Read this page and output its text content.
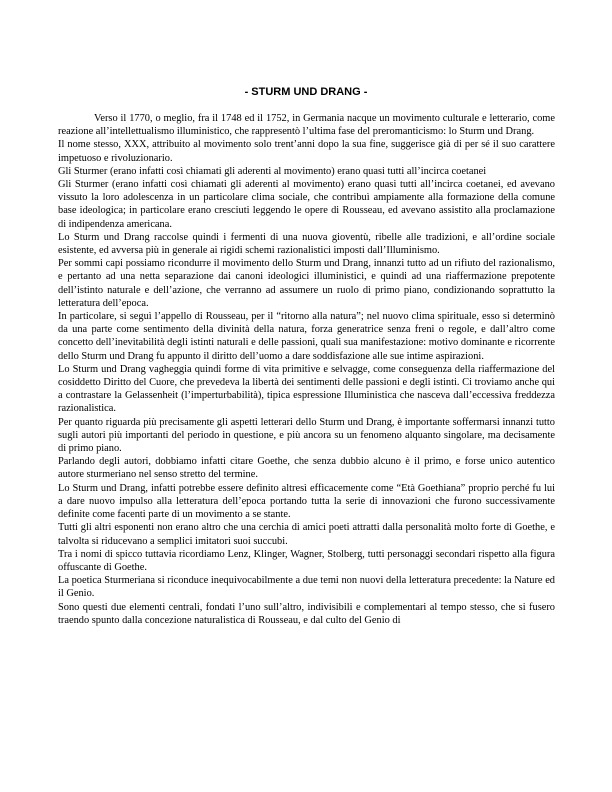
- STURM UND DRANG -

Verso il 1770, o meglio, fra il 1748 ed il 1752, in Germania nacque un movimento culturale e letterario, come reazione all’intellettualismo illuministico, che rappresentò l’ultima fase del preromanticismo: lo Sturm und Drang.

Il nome stesso, XXX, attribuito al movimento solo trent’anni dopo la sua fine, suggerisce già di per sé il suo carattere impetuoso e rivoluzionario.

Gli Sturmer (erano infatti così chiamati gli aderenti al movimento) erano quasi tutti all’incirca coetanei

Gli Sturmer (erano infatti così chiamati gli aderenti al movimento) erano quasi tutti all’incirca coetanei, ed avevano vissuto la loro adolescenza in un particolare clima sociale, che contribuì ampiamente alla formazione della comune base ideologica; in particolare erano cresciuti leggendo le opere di Rousseau, ed avevano assistito alla proclamazione di indipendenza americana.

Lo Sturm und Drang raccolse quindi i fermenti di una nuova gioventù, ribelle alle tradizioni, e all’ordine sociale esistente, ed avversa più in generale ai rigidi schemi razionalistici imposti dall’Illuminismo.

Per sommi capi possiamo ricondurre il movimento dello Sturm und Drang, innanzi tutto ad un rifiuto del razionalismo, e pertanto ad una netta separazione dai canoni ideologici illuministici, e quindi ad una riaffermazione prepotente dell’istinto naturale e dell’azione, che verranno ad assumere un ruolo di primo piano, condizionando soprattutto la letteratura dell’epoca.

In particolare, si seguì l’appello di Rousseau, per il “ritorno alla natura”; nel nuovo clima spirituale, esso si determinò da una parte come sentimento della divinità della natura, forza generatrice senza freni o regole, e dall’altro come concetto dell’inevitabilità degli istinti naturali e delle passioni, quali sua manifestazione: motivo dominante e ricorrente dello Sturm und Drang fu appunto il diritto dell’uomo a dare soddisfazione alle sue intime aspirazioni.

Lo Sturm und Drang vagheggia quindi forme di vita primitive e selvagge, come conseguenza della riaffermazione del cosiddetto Diritto del Cuore, che prevedeva la libertà dei sentimenti delle passioni e degli istinti. Ci troviamo anche qui a contrastare la Gelassenheit (l’imperturbabilità), tipica espressione Illuministica che nasceva dall’eccessiva freddezza razionalistica.

Per quanto riguarda più precisamente gli aspetti letterari dello Sturm und Drang, è importante soffermarsi innanzi tutto sugli autori più importanti del periodo in questione, e più ancora su un fenomeno alquanto singolare, ma decisamente di primo piano.

Parlando degli autori, dobbiamo infatti citare Goethe, che senza dubbio alcuno è il primo, e forse unico autentico autore sturmeriano nel senso stretto del termine.

Lo Sturm und Drang, infatti potrebbe essere definito altresì efficacemente come “Età Goethiana” proprio perché fu lui a dare nuovo impulso alla letteratura dell’epoca portando tutta la serie di innovazioni che furono successivamente definite come facenti parte di un movimento a se stante.

Tutti gli altri esponenti non erano altro che una cerchia di amici poeti attratti dalla personalità molto forte di Goethe, e talvolta si riducevano a semplici imitatori suoi succubi.

Tra i nomi di spicco tuttavia ricordiamo Lenz, Klinger, Wagner, Stolberg, tutti personaggi secondari rispetto alla figura offuscante di Goethe.

La poetica Sturmeriana si riconduce inequivocabilmente a due temi non nuovi della letteratura precedente: la Nature ed il Genio.

Sono questi due elementi centrali, fondati l’uno sull’altro, indivisibili e complementari al tempo stesso, che si fusero traendo spunto dalla concezione naturalistica di Rousseau, e dal culto del Genio di
